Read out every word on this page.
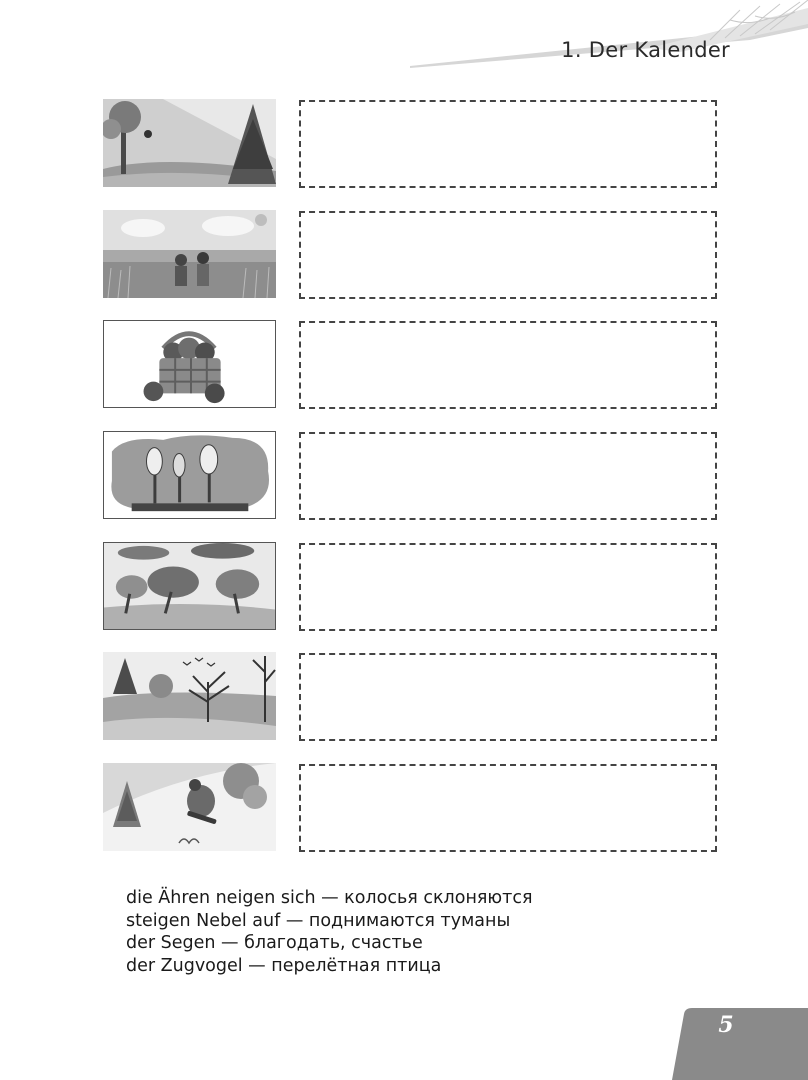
1. Der Kalender
die Ähren neigen sich — колосья склоняются
steigen Nebel auf — поднимаются туманы
der Segen — благодать, счастье
der Zugvogel — перелётная птица
5
